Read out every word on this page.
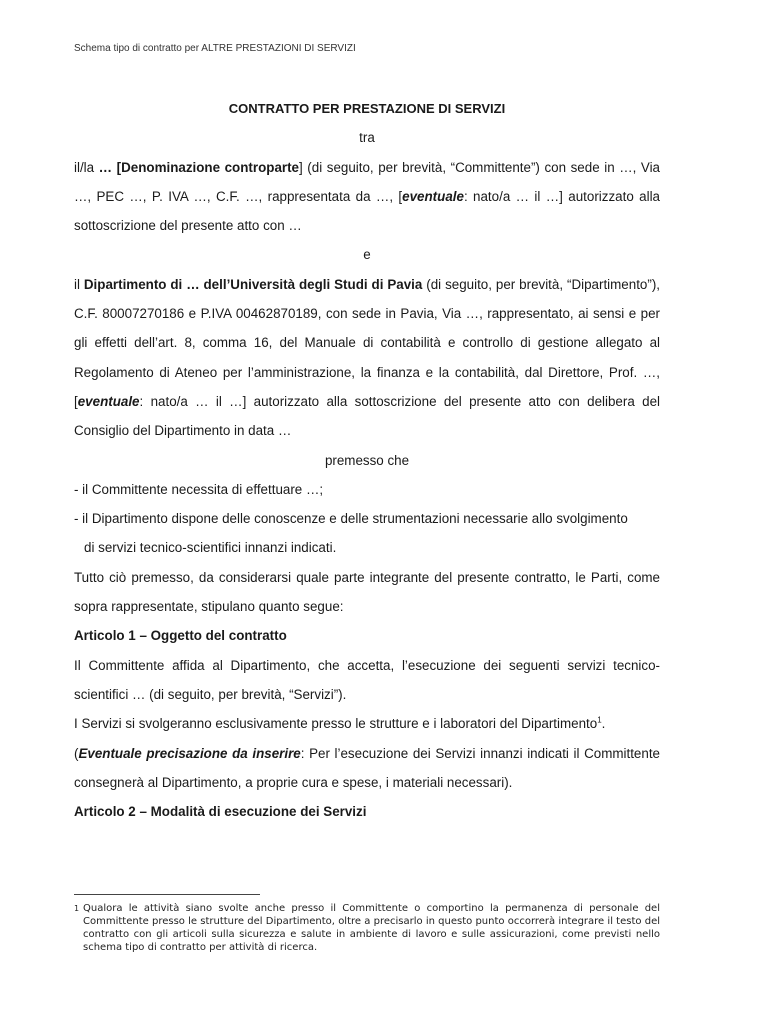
Schema tipo di contratto per ALTRE PRESTAZIONI DI SERVIZI

CONTRATTO PER PRESTAZIONE DI SERVIZI

tra

il/la … [Denominazione controparte] (di seguito, per brevità, “Committente”) con sede in …, Via …, PEC …, P. IVA …, C.F. …, rappresentata da …, [eventuale: nato/a … il …] autorizzato alla sottoscrizione del presente atto con …

e

il Dipartimento di … dell’Università degli Studi di Pavia (di seguito, per brevità, “Dipartimento”), C.F. 80007270186 e P.IVA 00462870189, con sede in Pavia, Via …, rappresentato, ai sensi e per gli effetti dell’art. 8, comma 16, del Manuale di contabilità e controllo di gestione allegato al Regolamento di Ateneo per l’amministrazione, la finanza e la contabilità, dal Direttore, Prof. …, [eventuale: nato/a … il …] autorizzato alla sottoscrizione del presente atto con delibera del Consiglio del Dipartimento in data …

premesso che

- il Committente necessita di effettuare …;

- il Dipartimento dispone delle conoscenze e delle strumentazioni necessarie allo svolgimento

di servizi tecnico-scientifici innanzi indicati.

Tutto ciò premesso, da considerarsi quale parte integrante del presente contratto, le Parti, come sopra rappresentate, stipulano quanto segue:

Articolo 1 – Oggetto del contratto

Il Committente affida al Dipartimento, che accetta, l’esecuzione dei seguenti servizi tecnico-scientifici … (di seguito, per brevità, “Servizi”).

I Servizi si svolgeranno esclusivamente presso le strutture e i laboratori del Dipartimento$^1$.

(Eventuale precisazione da inserire: Per l’esecuzione dei Servizi innanzi indicati il Committente consegnerà al Dipartimento, a proprie cura e spese, i materiali necessari).

Articolo 2 – Modalità di esecuzione dei Servizi

1 Qualora le attività siano svolte anche presso il Committente o comportino la permanenza di personale del Committente presso le strutture del Dipartimento, oltre a precisarlo in questo punto occorrerà integrare il testo del contratto con gli articoli sulla sicurezza e salute in ambiente di lavoro e sulle assicurazioni, come previsti nello schema tipo di contratto per attività di ricerca.
